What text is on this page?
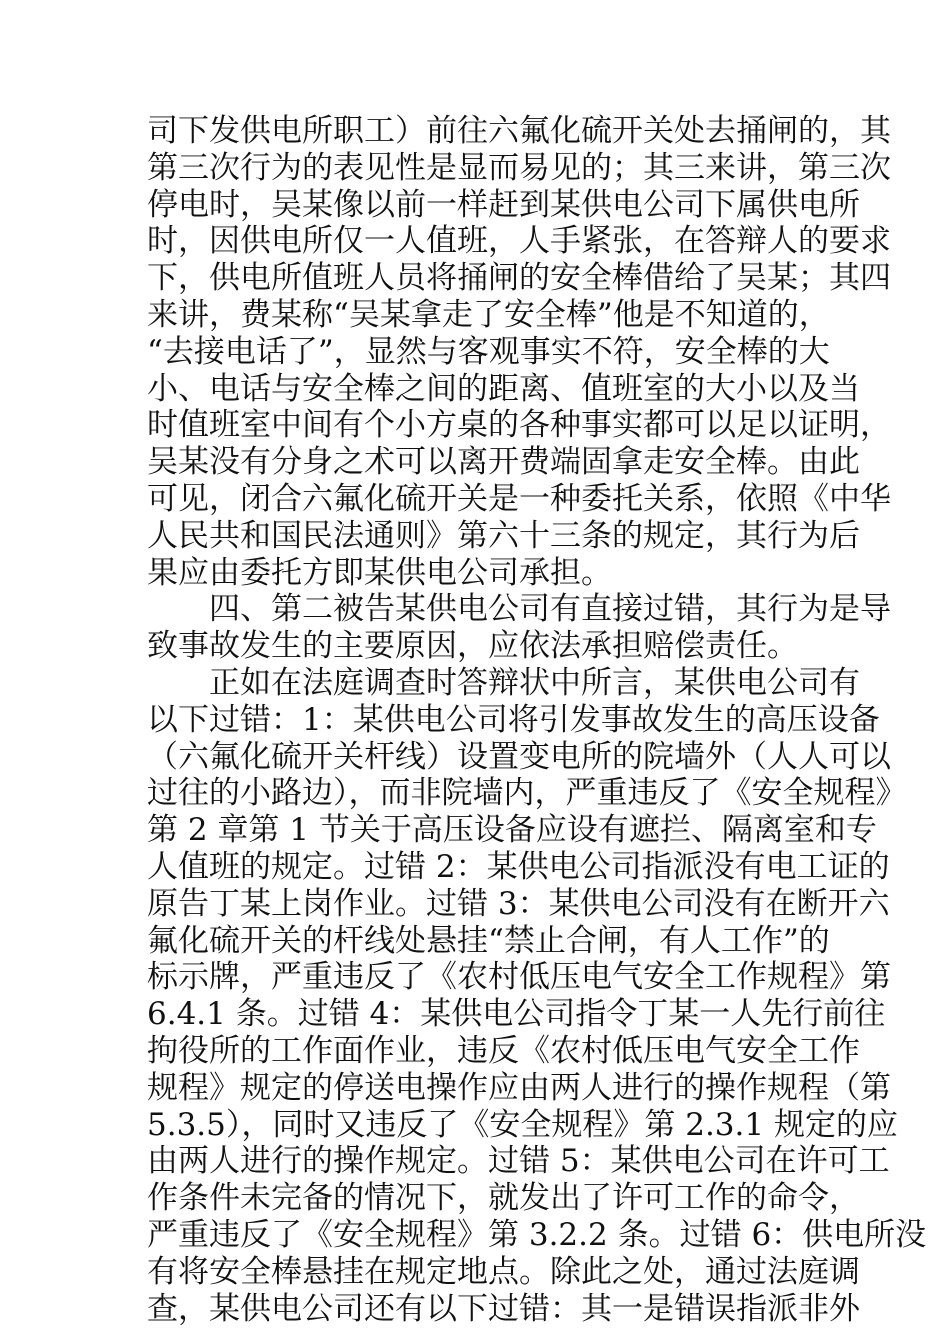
司下发供电所职工）前往六氟化硫开关处去捅闸的，其
第三次行为的表见性是显而易见的；其三来讲，第三次
停电时，吴某像以前一样赶到某供电公司下属供电所
时，因供电所仅一人值班，人手紧张，在答辩人的要求
下，供电所值班人员将捅闸的安全棒借给了吴某；其四
来讲，费某称“吴某拿走了安全棒”他是不知道的，
“去接电话了”，显然与客观事实不符，安全棒的大
小、电话与安全棒之间的距离、值班室的大小以及当
时值班室中间有个小方桌的各种事实都可以足以证明，
吴某没有分身之术可以离开费端固拿走安全棒。由此
可见，闭合六氟化硫开关是一种委托关系，依照《中华
人民共和国民法通则》第六十三条的规定，其行为后
果应由委托方即某供电公司承担。
四、第二被告某供电公司有直接过错，其行为是导
致事故发生的主要原因，应依法承担赔偿责任。
正如在法庭调查时答辩状中所言，某供电公司有
以下过错：1：某供电公司将引发事故发生的高压设备
（六氟化硫开关杆线）设置变电所的院墙外（人人可以
过往的小路边），而非院墙内，严重违反了《安全规程》
第 2 章第 1 节关于高压设备应设有遮拦、隔离室和专
人值班的规定。过错 2：某供电公司指派没有电工证的
原告丁某上岗作业。过错 3：某供电公司没有在断开六
氟化硫开关的杆线处悬挂“禁止合闸，有人工作”的
标示牌，严重违反了《农村低压电气安全工作规程》第
6.4.1 条。过错 4：某供电公司指令丁某一人先行前往
拘役所的工作面作业，违反《农村低压电气安全工作
规程》规定的停送电操作应由两人进行的操作规程（第
5.3.5），同时又违反了《安全规程》第 2.3.1 规定的应
由两人进行的操作规定。过错 5：某供电公司在许可工
作条件未完备的情况下，就发出了许可工作的命令，
严重违反了《安全规程》第 3.2.2 条。过错 6：供电所没
有将安全棒悬挂在规定地点。除此之处，通过法庭调
查，某供电公司还有以下过错：其一是错误指派非外
